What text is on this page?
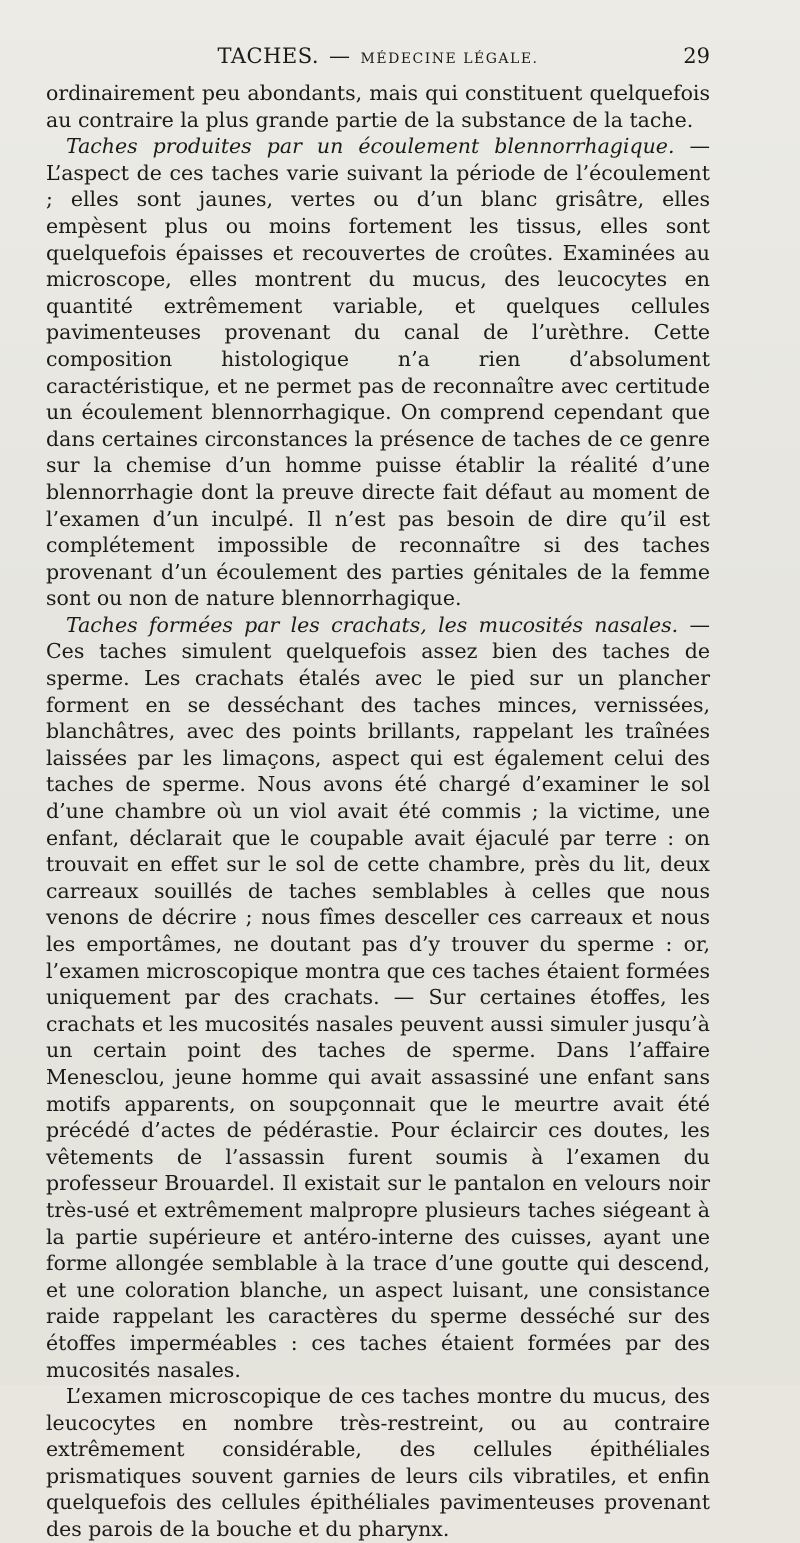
TACHES. — MÉDECINE LÉGALE.	29

ordinairement peu abondants, mais qui constituent quelquefois au contraire la plus grande partie de la substance de la tache.

Taches produites par un écoulement blennorrhagique. — L’aspect de ces taches varie suivant la période de l’écoulement ; elles sont jaunes, vertes ou d’un blanc grisâtre, elles empèsent plus ou moins fortement les tissus, elles sont quelquefois épaisses et recouvertes de croûtes. Examinées au microscope, elles montrent du mucus, des leucocytes en quantité extrêmement variable, et quelques cellules pavimenteuses provenant du canal de l’urèthre. Cette composition histologique n’a rien d’absolument caractéristique, et ne permet pas de reconnaître avec certitude un écoulement blennorrhagique. On comprend cependant que dans certaines circonstances la présence de taches de ce genre sur la chemise d’un homme puisse établir la réalité d’une blennorrhagie dont la preuve directe fait défaut au moment de l’examen d’un inculpé. Il n’est pas besoin de dire qu’il est complétement impossible de reconnaître si des taches provenant d’un écoulement des parties génitales de la femme sont ou non de nature blennorrhagique.

Taches formées par les crachats, les mucosités nasales. — Ces taches simulent quelquefois assez bien des taches de sperme. Les crachats étalés avec le pied sur un plancher forment en se desséchant des taches minces, vernissées, blanchâtres, avec des points brillants, rappelant les traînées laissées par les limaçons, aspect qui est également celui des taches de sperme. Nous avons été chargé d’examiner le sol d’une chambre où un viol avait été commis ; la victime, une enfant, déclarait que le coupable avait éjaculé par terre : on trouvait en effet sur le sol de cette chambre, près du lit, deux carreaux souillés de taches semblables à celles que nous venons de décrire ; nous fîmes desceller ces carreaux et nous les emportâmes, ne doutant pas d’y trouver du sperme : or, l’examen microscopique montra que ces taches étaient formées uniquement par des crachats. — Sur certaines étoffes, les crachats et les mucosités nasales peuvent aussi simuler jusqu’à un certain point des taches de sperme. Dans l’affaire Menesclou, jeune homme qui avait assassiné une enfant sans motifs apparents, on soupçonnait que le meurtre avait été précédé d’actes de pédérastie. Pour éclaircir ces doutes, les vêtements de l’assassin furent soumis à l’examen du professeur Brouardel. Il existait sur le pantalon en velours noir très-usé et extrêmement malpropre plusieurs taches siégeant à la partie supérieure et antéro-interne des cuisses, ayant une forme allongée semblable à la trace d’une goutte qui descend, et une coloration blanche, un aspect luisant, une consistance raide rappelant les caractères du sperme desséché sur des étoffes imperméables : ces taches étaient formées par des mucosités nasales.

L’examen microscopique de ces taches montre du mucus, des leucocytes en nombre très-restreint, ou au contraire extrêmement considérable, des cellules épithéliales prismatiques souvent garnies de leurs cils vibratiles, et enfin quelquefois des cellules épithéliales pavimenteuses provenant des parois de la bouche et du pharynx.
